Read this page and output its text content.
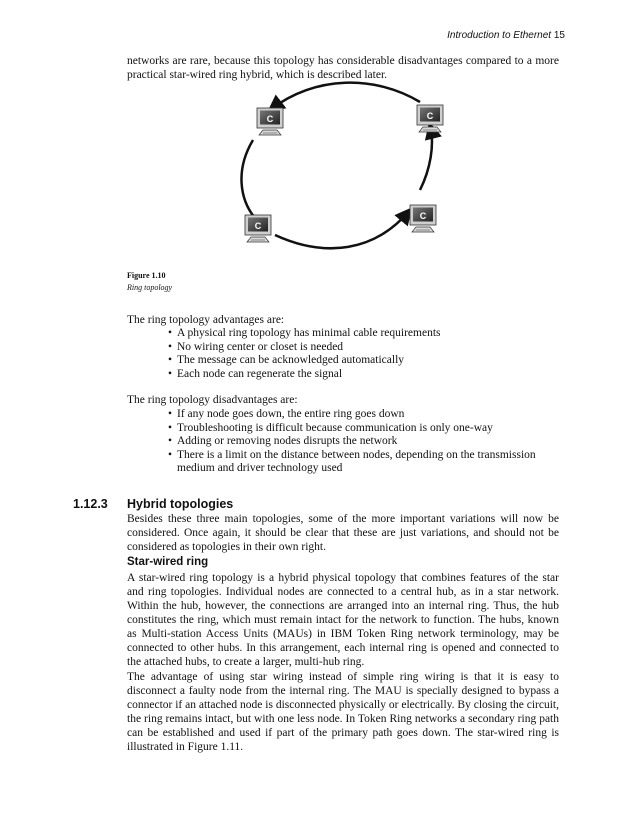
Introduction to Ethernet 15
networks are rare, because this topology has considerable disadvantages compared to a more practical star-wired ring hybrid, which is described later.
C	C
C
C
Figure 1.10
Ring topology
The ring topology advantages are:
• A physical ring topology has minimal cable requirements
• No wiring center or closet is needed
• The message can be acknowledged automatically
• Each node can regenerate the signal
The ring topology disadvantages are:
• If any node goes down, the entire ring goes down
• Troubleshooting is difficult because communication is only one-way
• Adding or removing nodes disrupts the network
• There is a limit on the distance between nodes, depending on the transmission medium and driver technology used
1.12.3 Hybrid topologies
Besides these three main topologies, some of the more important variations will now be considered. Once again, it should be clear that these are just variations, and should not be considered as topologies in their own right.
Star-wired ring
A star-wired ring topology is a hybrid physical topology that combines features of the star and ring topologies. Individual nodes are connected to a central hub, as in a star network. Within the hub, however, the connections are arranged into an internal ring. Thus, the hub constitutes the ring, which must remain intact for the network to function. The hubs, known as Multi-station Access Units (MAUs) in IBM Token Ring network terminology, may be connected to other hubs. In this arrangement, each internal ring is opened and connected to the attached hubs, to create a larger, multi-hub ring.
The advantage of using star wiring instead of simple ring wiring is that it is easy to disconnect a faulty node from the internal ring. The MAU is specially designed to bypass a connector if an attached node is disconnected physically or electrically. By closing the circuit, the ring remains intact, but with one less node. In Token Ring networks a secondary ring path can be established and used if part of the primary path goes down. The star-wired ring is illustrated in Figure 1.11.
